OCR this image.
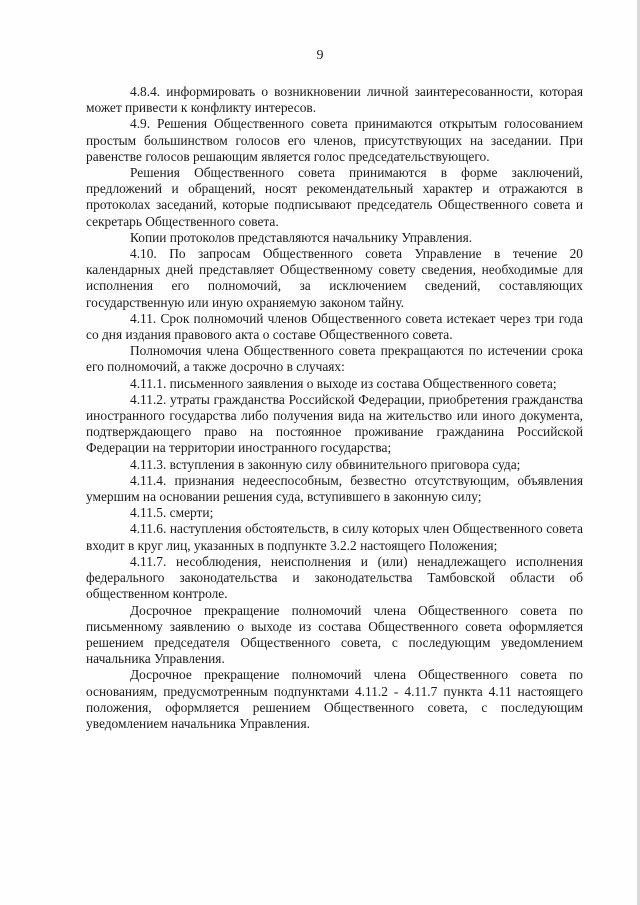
9

4.8.4. информировать о возникновении личной заинтересованности, которая может привести к конфликту интересов.

4.9. Решения Общественного совета принимаются открытым голосованием простым большинством голосов его членов, присутствующих на заседании. При равенстве голосов решающим является голос председательствующего.

Решения Общественного совета принимаются в форме заключений, предложений и обращений, носят рекомендательный характер и отражаются в протоколах заседаний, которые подписывают председатель Общественного совета и секретарь Общественного совета.

Копии протоколов представляются начальнику Управления.

4.10. По запросам Общественного совета Управление в течение 20 календарных дней представляет Общественному совету сведения, необходимые для исполнения его полномочий, за исключением сведений, составляющих государственную или иную охраняемую законом тайну.

4.11. Срок полномочий членов Общественного совета истекает через три года со дня издания правового акта о составе Общественного совета.

Полномочия члена Общественного совета прекращаются по истечении срока его полномочий, а также досрочно в случаях:

4.11.1. письменного заявления о выходе из состава Общественного совета;

4.11.2. утраты гражданства Российской Федерации, приобретения гражданства иностранного государства либо получения вида на жительство или иного документа, подтверждающего право на постоянное проживание гражданина Российской Федерации на территории иностранного государства;

4.11.3. вступления в законную силу обвинительного приговора суда;

4.11.4. признания недееспособным, безвестно отсутствующим, объявления умершим на основании решения суда, вступившего в законную силу;

4.11.5. смерти;

4.11.6. наступления обстоятельств, в силу которых член Общественного совета входит в круг лиц, указанных в подпункте 3.2.2 настоящего Положения;

4.11.7. несоблюдения, неисполнения и (или) ненадлежащего исполнения федерального законодательства и законодательства Тамбовской области об общественном контроле.

Досрочное прекращение полномочий члена Общественного совета по письменному заявлению о выходе из состава Общественного совета оформляется решением председателя Общественного совета, с последующим уведомлением начальника Управления.

Досрочное прекращение полномочий члена Общественного совета по основаниям, предусмотренным подпунктами 4.11.2 - 4.11.7 пункта 4.11 настоящего положения, оформляется решением Общественного совета, с последующим уведомлением начальника Управления.
